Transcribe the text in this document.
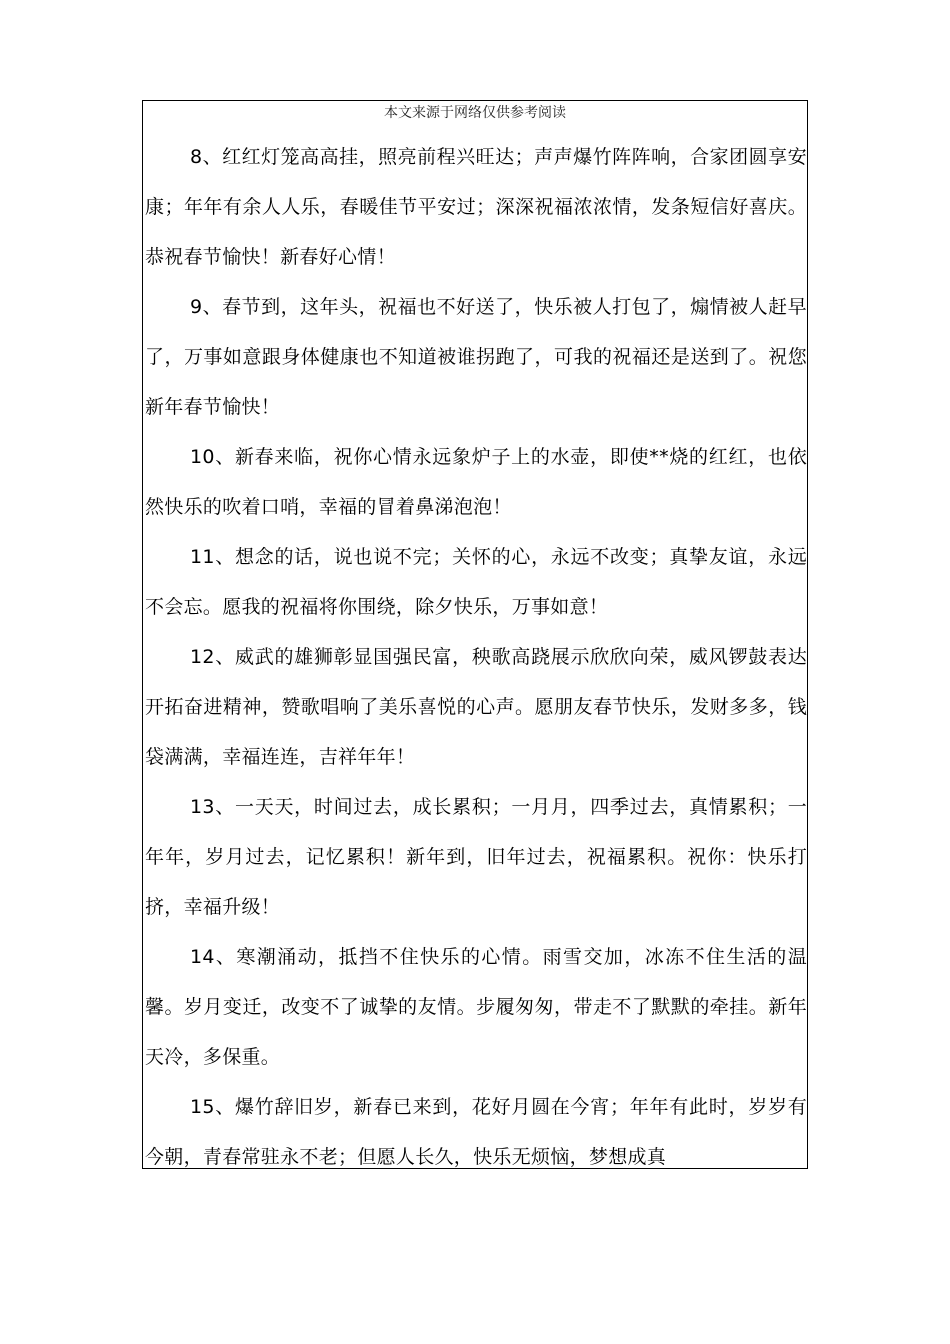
本文来源于网络仅供参考阅读

8、红红灯笼高高挂，照亮前程兴旺达；声声爆竹阵阵响，合家团圆享安康；年年有余人人乐，春暖佳节平安过；深深祝福浓浓情，发条短信好喜庆。恭祝春节愉快！新春好心情！

9、春节到，这年头，祝福也不好送了，快乐被人打包了，煽情被人赶早了，万事如意跟身体健康也不知道被谁拐跑了，可我的祝福还是送到了。祝您新年春节愉快！

10、新春来临，祝你心情永远象炉子上的水壶，即使**烧的红红，也依然快乐的吹着口哨，幸福的冒着鼻涕泡泡！

11、想念的话，说也说不完；关怀的心，永远不改变；真挚友谊，永远不会忘。愿我的祝福将你围绕，除夕快乐，万事如意！

12、威武的雄狮彰显国强民富，秧歌高跷展示欣欣向荣，威风锣鼓表达开拓奋进精神，赞歌唱响了美乐喜悦的心声。愿朋友春节快乐，发财多多，钱袋满满，幸福连连，吉祥年年！

13、一天天，时间过去，成长累积；一月月，四季过去，真情累积；一年年，岁月过去，记忆累积！新年到，旧年过去，祝福累积。祝你：快乐打挤，幸福升级！

14、寒潮涌动，抵挡不住快乐的心情。雨雪交加，冰冻不住生活的温馨。岁月变迁，改变不了诚挚的友情。步履匆匆，带走不了默默的牵挂。新年天冷，多保重。

15、爆竹辞旧岁，新春已来到，花好月圆在今宵；年年有此时，岁岁有今朝，青春常驻永不老；但愿人长久，快乐无烦恼，梦想成真
